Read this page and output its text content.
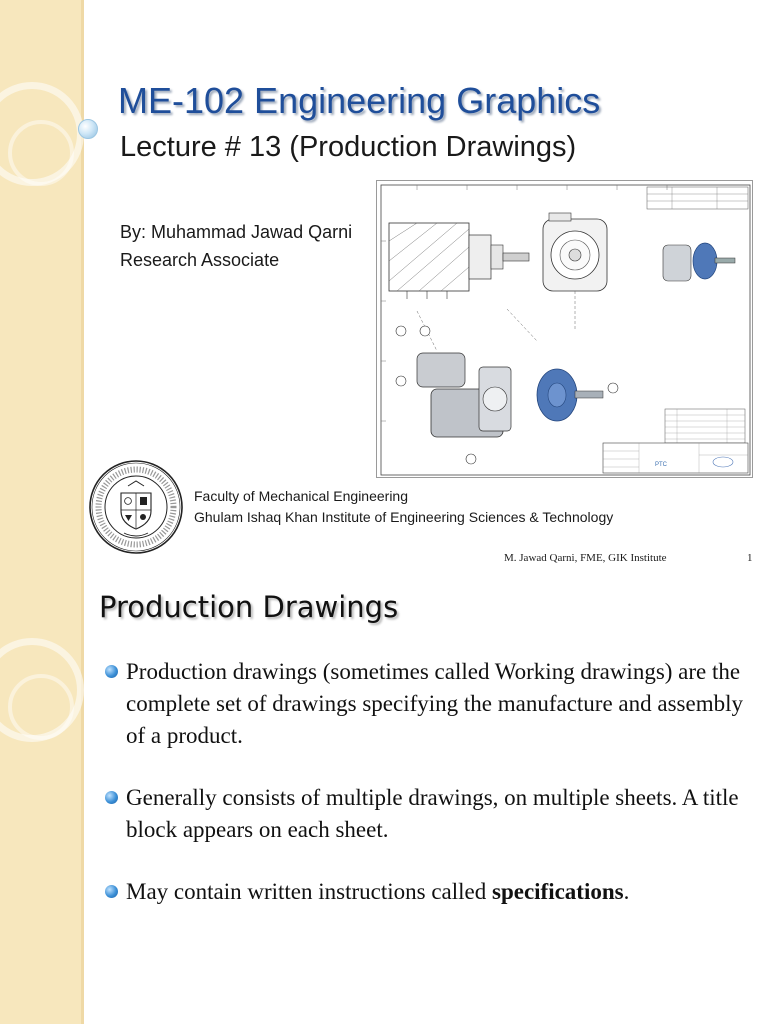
ME-102 Engineering Graphics
Lecture # 13 (Production Drawings)
PTC
By: Muhammad Jawad Qarni
Research Associate
Faculty of Mechanical Engineering
Ghulam Ishaq Khan Institute of Engineering Sciences & Technology
M. Jawad Qarni, FME, GIK Institute	1
Production Drawings
Production drawings (sometimes called Working drawings) are the complete set of drawings specifying the manufacture and assembly of a product.
Generally consists of multiple drawings, on multiple sheets. A title block appears on each sheet.
May contain written instructions called specifications.
